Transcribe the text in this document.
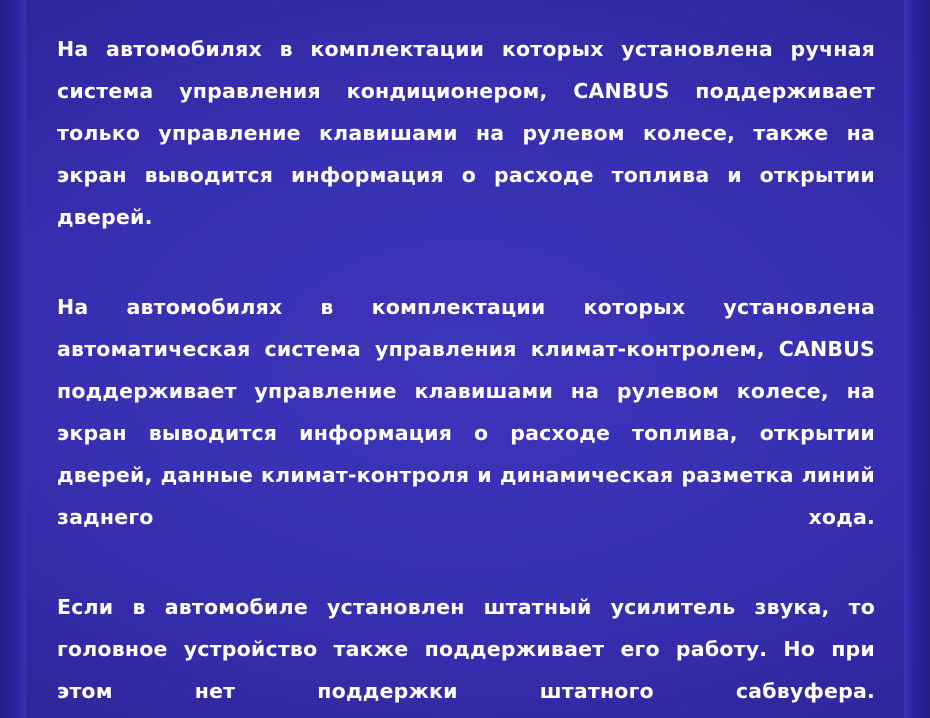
На автомобилях в комплектации которых установлена ручная система управления кондиционером, CANBUS поддерживает только управление клавишами на рулевом колесе, также на экран выводится информация о расходе топлива и открытии дверей.

На автомобилях в комплектации которых установлена автоматическая система управления климат-контролем, CANBUS поддерживает управление клавишами на рулевом колесе, на экран выводится информация о расходе топлива, открытии дверей, данные климат-контроля и динамическая разметка линий заднего хода.

Если в автомобиле установлен штатный усилитель звука, то головное устройство также поддерживает его работу. Но при этом нет поддержки штатного сабвуфера.
